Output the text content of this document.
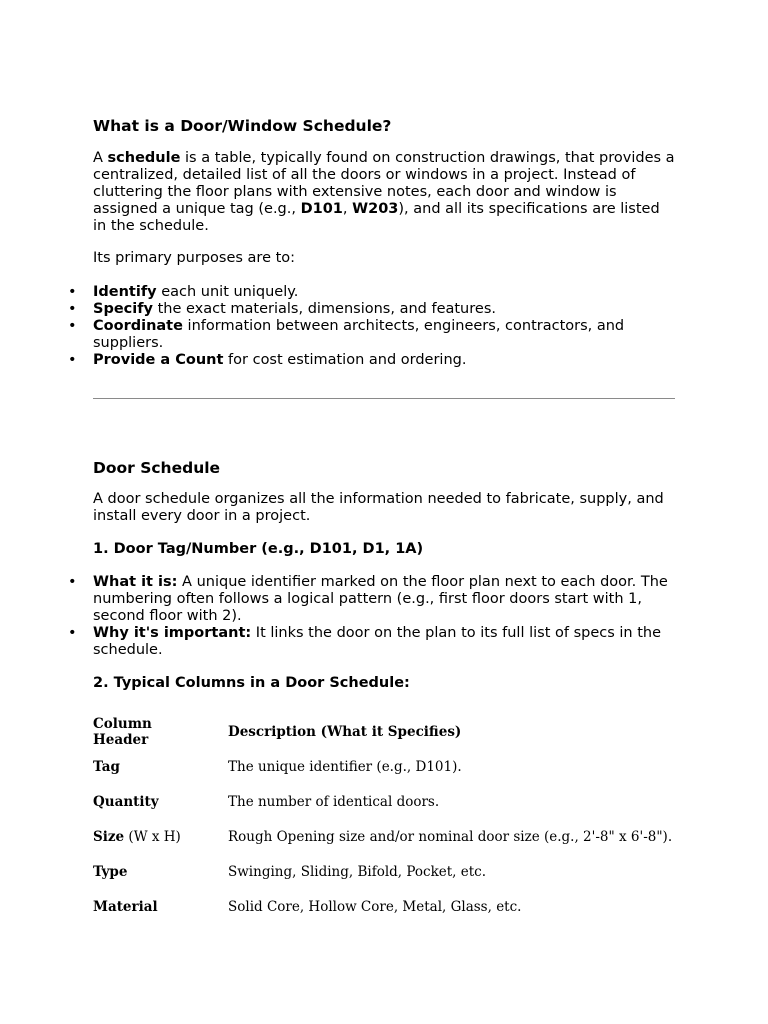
What is a Door/Window Schedule?

A schedule is a table, typically found on construction drawings, that provides a centralized, detailed list of all the doors or windows in a project. Instead of cluttering the floor plans with extensive notes, each door and window is assigned a unique tag (e.g., D101, W203), and all its specifications are listed in the schedule.

Its primary purposes are to:

• Identify each unit uniquely.
• Specify the exact materials, dimensions, and features.
• Coordinate information between architects, engineers, contractors, and suppliers.
• Provide a Count for cost estimation and ordering.
Door Schedule

A door schedule organizes all the information needed to fabricate, supply, and install every door in a project.

1. Door Tag/Number (e.g., D101, D1, 1A)
• What it is: A unique identifier marked on the floor plan next to each door. The numbering often follows a logical pattern (e.g., first floor doors start with 1, second floor with 2).
• Why it's important: It links the door on the plan to its full list of specs in the schedule.
2. Typical Columns in a Door Schedule:
Column Header	Description (What it Specifies)
Tag	The unique identifier (e.g., D101).
Quantity	The number of identical doors.
Size (W x H)	Rough Opening size and/or nominal door size (e.g., 2'-8" x 6'-8").
Type	Swinging, Sliding, Bifold, Pocket, etc.
Material	Solid Core, Hollow Core, Metal, Glass, etc.
